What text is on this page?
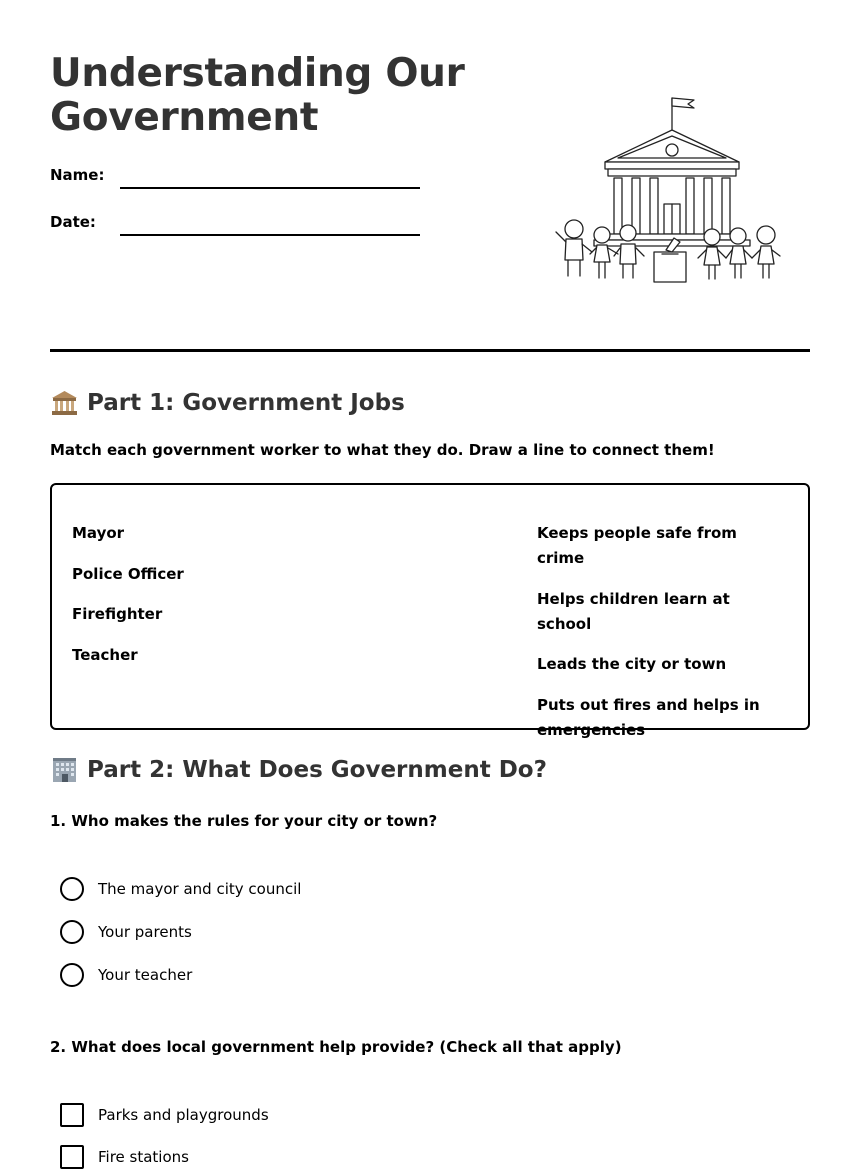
Understanding Our Government
Name:
Date:
Part 1: Government Jobs
Match each government worker to what they do. Draw a line to connect them!
Mayor
Police Officer
Firefighter
Teacher
Keeps people safe from crime
Helps children learn at school
Leads the city or town
Puts out fires and helps in emergencies
Part 2: What Does Government Do?
1. Who makes the rules for your city or town?
The mayor and city council
Your parents
Your teacher
2. What does local government help provide? (Check all that apply)
Parks and playgrounds
Fire stations
